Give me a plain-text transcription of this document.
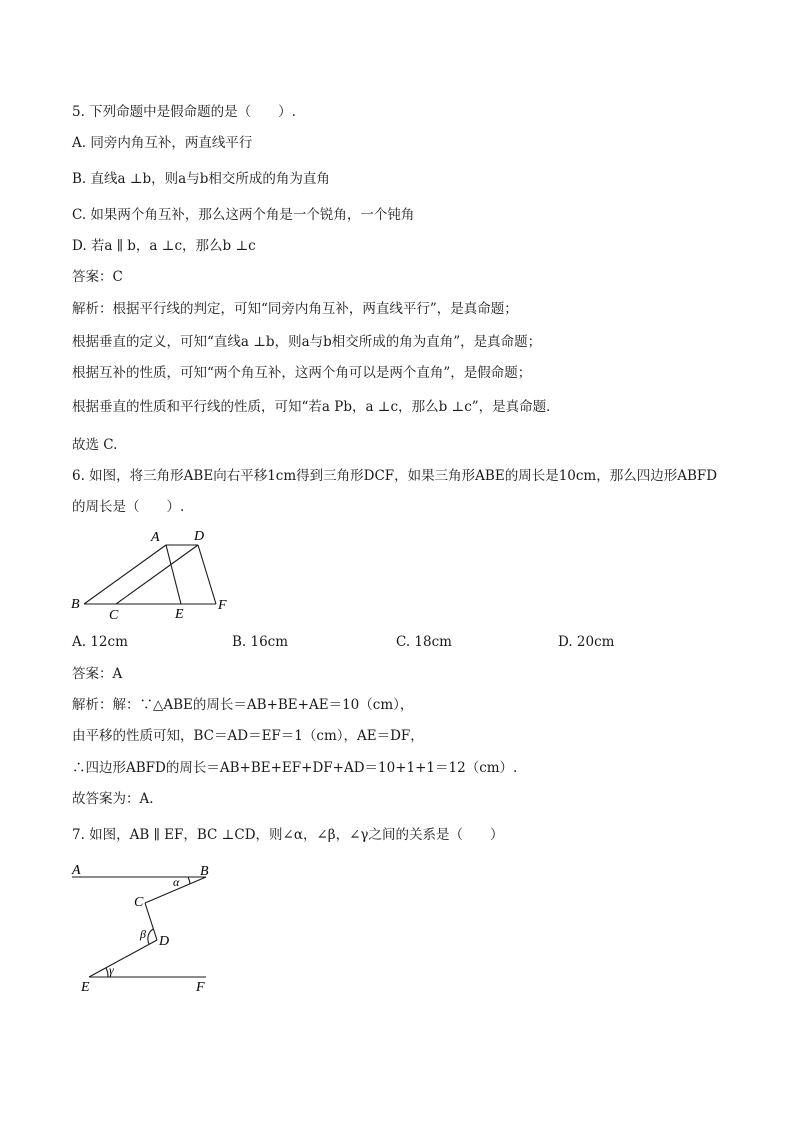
5. 下列命题中是假命题的是（　　）.
A. 同旁内角互补，两直线平行
B. 直线a ⊥b，则a与b相交所成的角为直角
C. 如果两个角互补，那么这两个角是一个锐角，一个钝角
D. 若a ∥ b，a ⊥c，那么b ⊥c
答案：C
解析：根据平行线的判定，可知“同旁内角互补，两直线平行”，是真命题；
根据垂直的定义，可知“直线a ⊥b，则a与b相交所成的角为直角”，是真命题；
根据互补的性质，可知“两个角互补，这两个角可以是两个直角”，是假命题；
根据垂直的性质和平行线的性质，可知“若a Pb，a ⊥c，那么b ⊥c”，是真命题．
故选 C.
6. 如图，将三角形ABE向右平移1cm得到三角形DCF，如果三角形ABE的周长是10cm，那么四边形ABFD
的周长是（　　）.
A D
B
C	E
F
A. 12cm	B. 16cm	C. 18cm	D. 20cm
答案：A
解析：解：∵△ABE的周长＝AB+BE+AE＝10（cm），
由平移的性质可知，BC＝AD＝EF＝1（cm），AE＝DF，
∴四边形ABFD的周长＝AB+BE+EF+DF+AD＝10+1+1＝12（cm）.
故答案为：A.
7. 如图，AB ∥ EF，BC ⊥CD，则∠α，∠β，∠γ之间的关系是（　　）
A	B
C
D
E	F
α
β
γ
